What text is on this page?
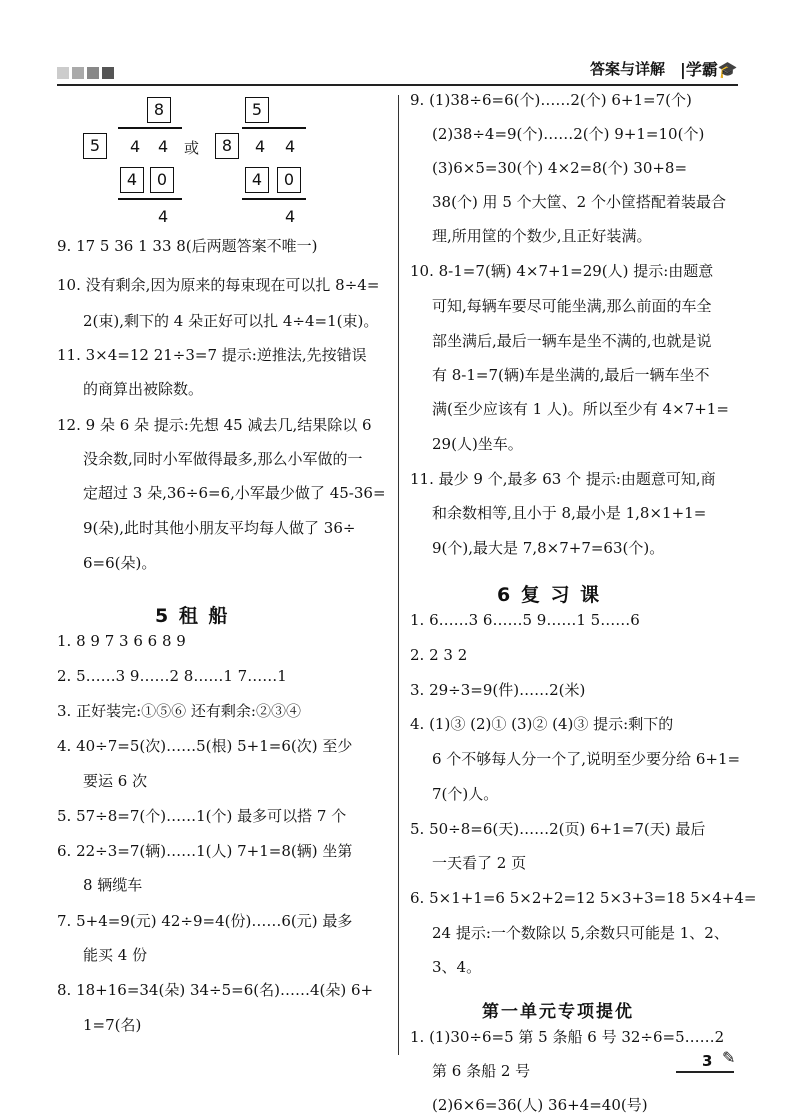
答案与详解 |学霸🎓
8
5	4 4
4	0
4
或
5
8	4 4
4	0
4
9. 17 5 36 1 33 8(后两题答案不唯一)
10. 没有剩余,因为原来的每束现在可以扎 8÷4=
2(束),剩下的 4 朵正好可以扎 4÷4=1(束)。
11. 3×4=12 21÷3=7 提示:逆推法,先按错误
的商算出被除数。
12. 9 朵 6 朵 提示:先想 45 减去几,结果除以 6
没余数,同时小军做得最多,那么小军做的一
定超过 3 朵,36÷6=6,小军最少做了 45-36=
9(朵),此时其他小朋友平均每人做了 36÷
6=6(朵)。
1. 8 9 7 3 6 6 8 9
2. 5……3 9……2 8……1 7……1
3. 正好装完:①⑤⑥ 还有剩余:②③④
4. 40÷7=5(次)……5(根) 5+1=6(次) 至少
要运 6 次
5. 57÷8=7(个)……1(个) 最多可以搭 7 个
6. 22÷3=7(辆)……1(人) 7+1=8(辆) 坐第
8 辆缆车
7. 5+4=9(元) 42÷9=4(份)……6(元) 最多
能买 4 份
8. 18+16=34(朵) 34÷5=6(名)……4(朵) 6+
1=7(名)
5 租 船
9. (1)38÷6=6(个)……2(个) 6+1=7(个)
(2)38÷4=9(个)……2(个) 9+1=10(个)
(3)6×5=30(个) 4×2=8(个) 30+8=
38(个) 用 5 个大筐、2 个小筐搭配着装最合
理,所用筐的个数少,且正好装满。
10. 8-1=7(辆) 4×7+1=29(人) 提示:由题意
可知,每辆车要尽可能坐满,那么前面的车全
部坐满后,最后一辆车是坐不满的,也就是说
有 8-1=7(辆)车是坐满的,最后一辆车坐不
满(至少应该有 1 人)。所以至少有 4×7+1=
29(人)坐车。
11. 最少 9 个,最多 63 个 提示:由题意可知,商
和余数相等,且小于 8,最小是 1,8×1+1=
9(个),最大是 7,8×7+7=63(个)。
1. 6……3 6……5 9……1 5……6
2. 2 3 2
3. 29÷3=9(件)……2(米)
4. (1)③ (2)① (3)② (4)③ 提示:剩下的
6 个不够每人分一个了,说明至少要分给 6+1=
7(个)人。
5. 50÷8=6(天)……2(页) 6+1=7(天) 最后
一天看了 2 页
6. 5×1+1=6 5×2+2=12 5×3+3=18 5×4+4=
24 提示:一个数除以 5,余数只可能是 1、2、
3、4。
1. (1)30÷6=5 第 5 条船 6 号 32÷6=5……2
第 6 条船 2 号
(2)6×6=36(人) 36+4=40(号)
6 复 习 课
第一单元专项提优
3 ✎
